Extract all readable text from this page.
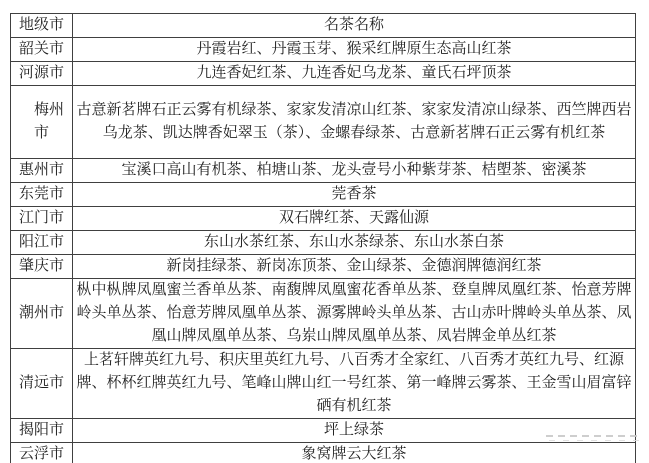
地级市	名茶名称
韶关市	丹霞岩红、丹霞玉芽、猴采红牌原生态高山红茶
河源市	九连香妃红茶、九连香妃乌龙茶、童氏石坪顶茶
　梅州市	古意新茗牌石正云雾有机绿茶、家家发清凉山红茶、家家发清凉山绿茶、西竺牌西岩乌龙茶、凯达牌香妃翠玉（茶）、金螺春绿茶、古意新茗牌石正云雾有机红茶
惠州市	宝溪口高山有机茶、柏塘山茶、龙头壹号小种紫芽茶、桔塱茶、密溪茶
东莞市	莞香茶
江门市	双石牌红茶、天露仙源
阳江市	东山水茶红茶、东山水茶绿茶、东山水茶白茶
肇庆市	新岗挂绿茶、新岗冻顶茶、金山绿茶、金德润牌德润红茶
潮州市	枞中枞牌凤凰蜜兰香单丛茶、南馥牌凤凰蜜花香单丛茶、登皇牌凤凰红茶、怡意芳牌岭头单丛茶、怡意芳牌凤凰单丛茶、源雾牌岭头单丛茶、古山赤叶牌岭头单丛茶、凤凰山牌凤凰单丛茶、乌岽山牌凤凰单丛茶、凤岩牌金单丛红茶
清远市	上茗轩牌英红九号、积庆里英红九号、八百秀才全家红、八百秀才英红九号、红源牌、杯杯红牌英红九号、笔峰山牌山红一号红茶、第一峰牌云雾茶、王金雪山眉富锌硒有机红茶
揭阳市	坪上绿茶
云浮市	象窝牌云大红茶
